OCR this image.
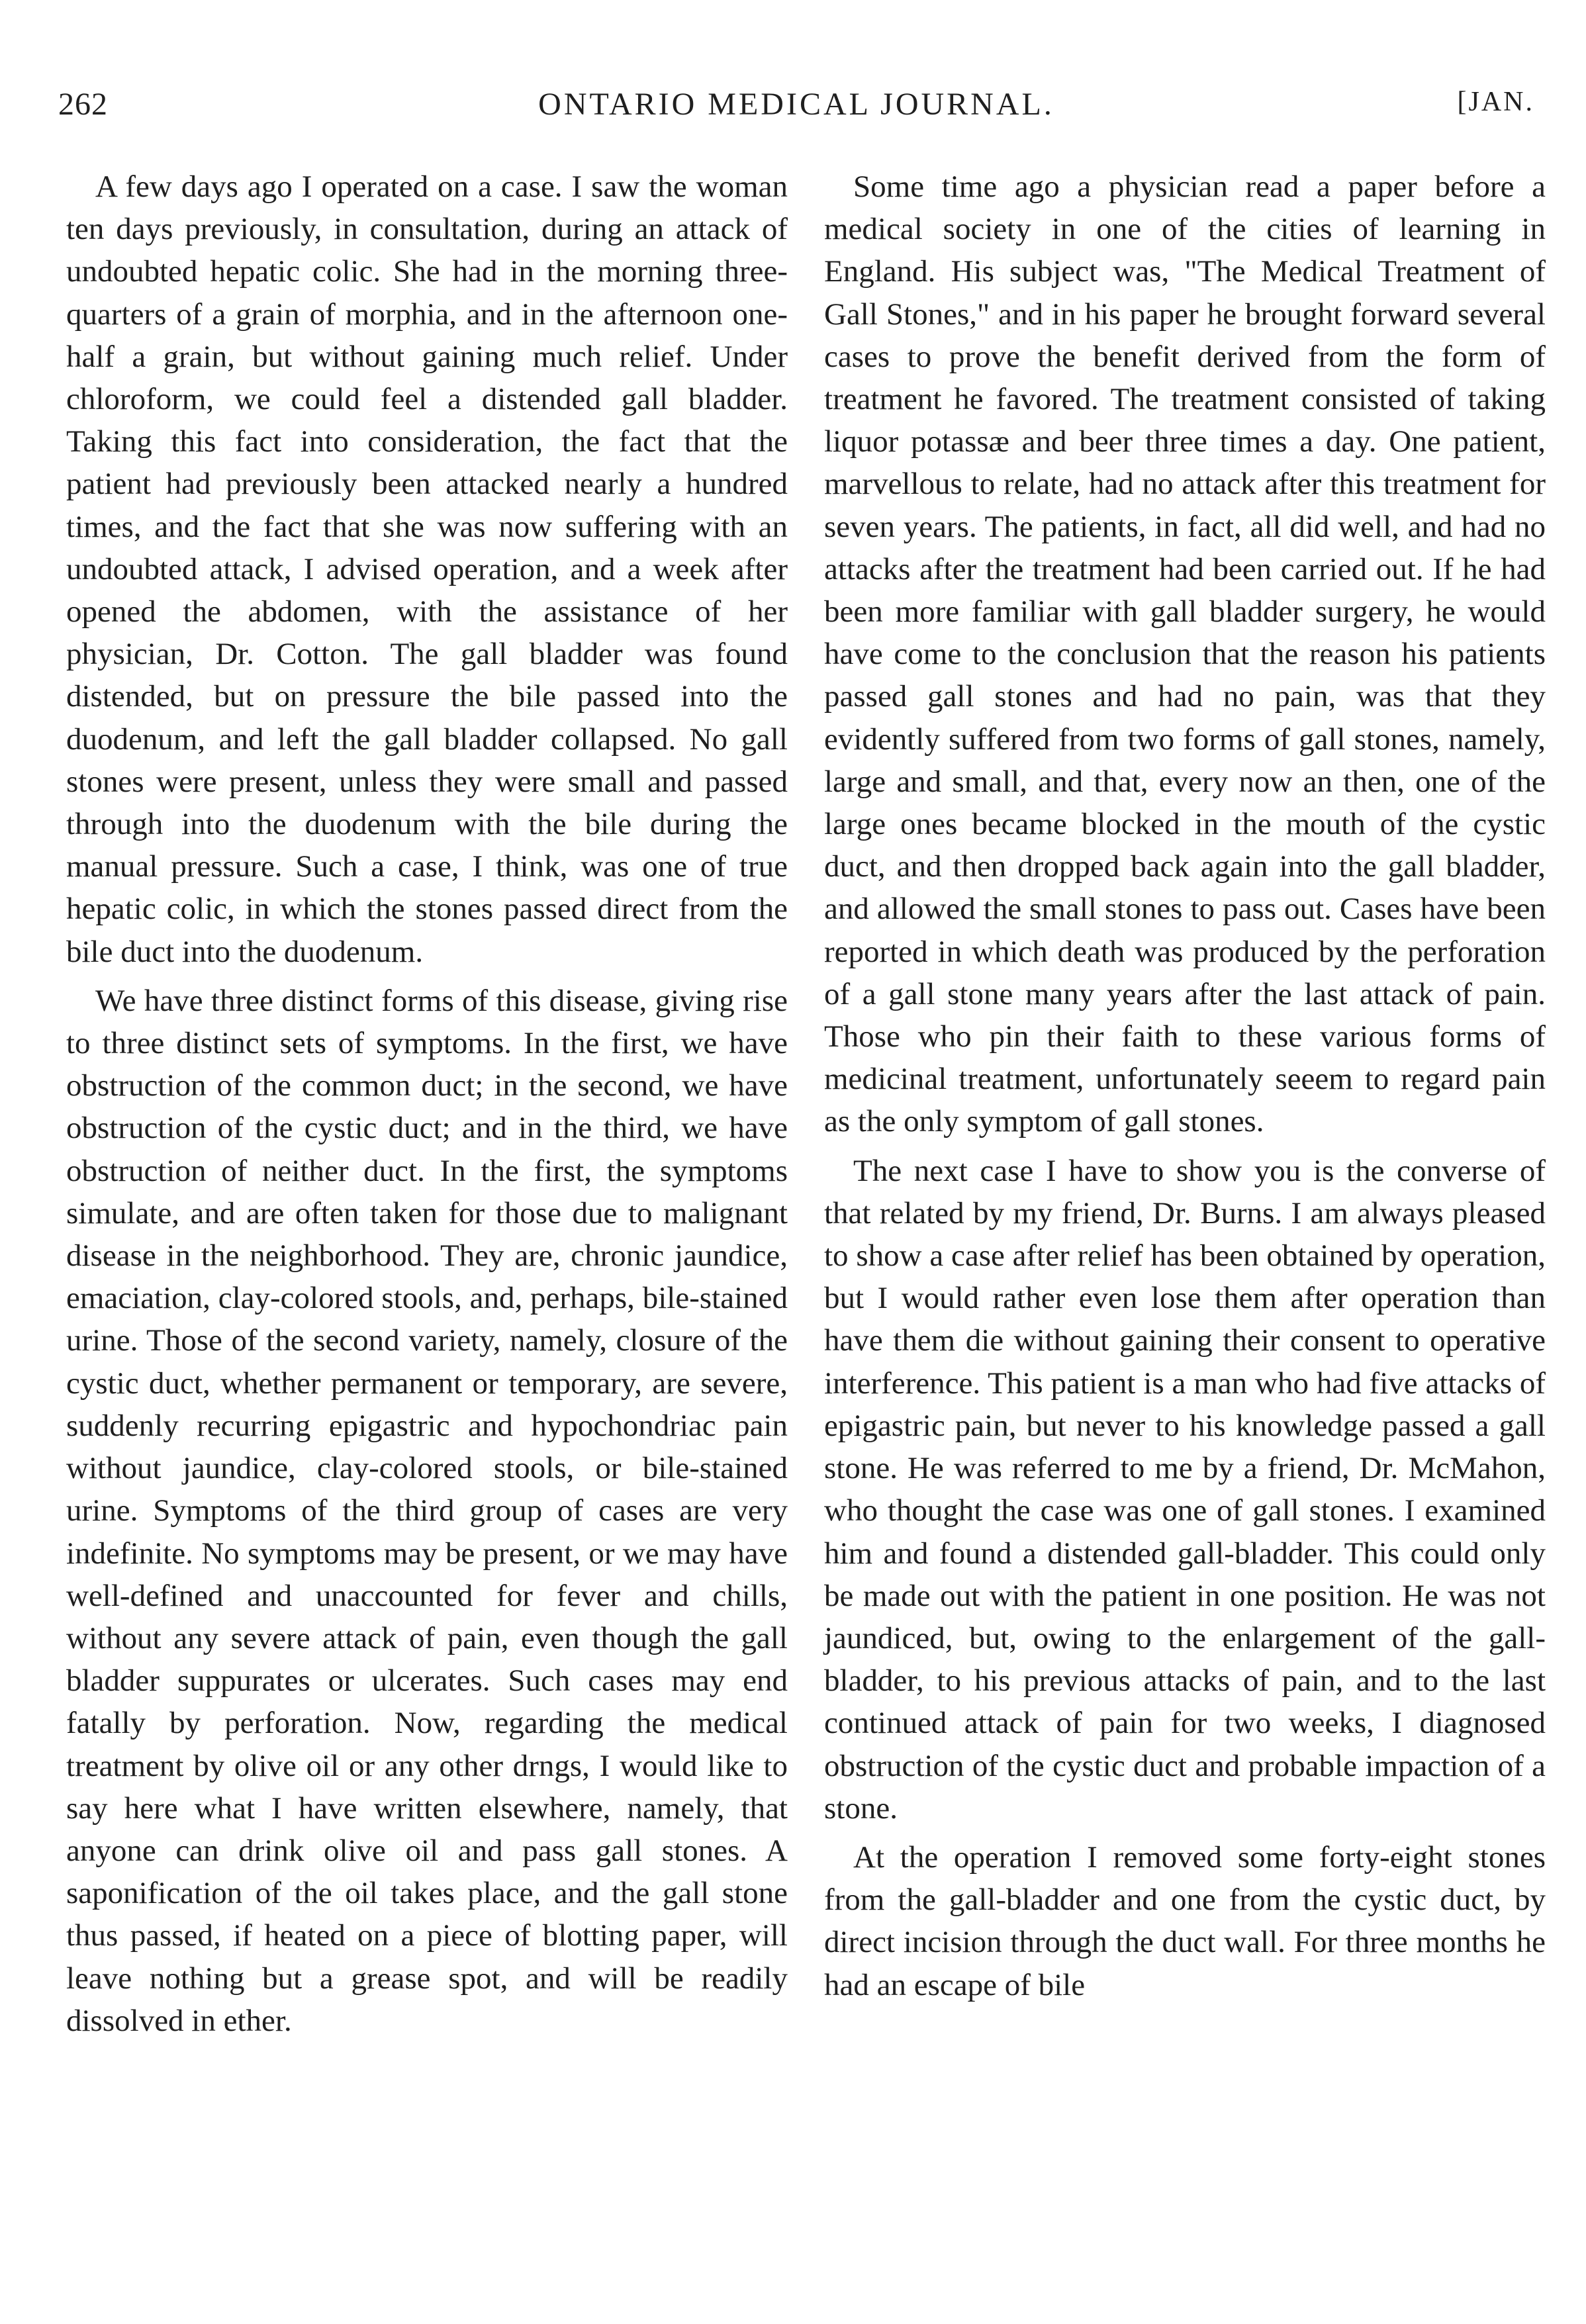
262	ONTARIO MEDICAL JOURNAL.	[JAN.

A few days ago I operated on a case. I saw the woman ten days previously, in consultation, during an attack of undoubted hepatic colic. She had in the morning three-quarters of a grain of morphia, and in the afternoon one-half a grain, but without gaining much relief. Under chloroform, we could feel a distended gall bladder. Taking this fact into consideration, the fact that the patient had previously been attacked nearly a hundred times, and the fact that she was now suffering with an undoubted attack, I advised operation, and a week after opened the abdomen, with the assistance of her physician, Dr. Cotton. The gall bladder was found distended, but on pressure the bile passed into the duodenum, and left the gall bladder collapsed. No gall stones were present, unless they were small and passed through into the duodenum with the bile during the manual pressure. Such a case, I think, was one of true hepatic colic, in which the stones passed direct from the bile duct into the duodenum.

We have three distinct forms of this disease, giving rise to three distinct sets of symptoms. In the first, we have obstruction of the common duct; in the second, we have obstruction of the cystic duct; and in the third, we have obstruction of neither duct. In the first, the symptoms simulate, and are often taken for those due to malignant disease in the neighborhood. They are, chronic jaundice, emaciation, clay-colored stools, and, perhaps, bile-stained urine. Those of the second variety, namely, closure of the cystic duct, whether permanent or temporary, are severe, suddenly recurring epigastric and hypochondriac pain without jaundice, clay-colored stools, or bile-stained urine. Symptoms of the third group of cases are very indefinite. No symptoms may be present, or we may have well-defined and unaccounted for fever and chills, without any severe attack of pain, even though the gall bladder suppurates or ulcerates. Such cases may end fatally by perforation. Now, regarding the medical treatment by olive oil or any other drngs, I would like to say here what I have written elsewhere, namely, that anyone can drink olive oil and pass gall stones. A saponification of the oil takes place, and the gall stone thus passed, if heated on a piece of blotting paper, will leave nothing but a grease spot, and will be readily dissolved in ether.

Some time ago a physician read a paper before a medical society in one of the cities of learning in England. His subject was, "The Medical Treatment of Gall Stones," and in his paper he brought forward several cases to prove the benefit derived from the form of treatment he favored. The treatment consisted of taking liquor potassæ and beer three times a day. One patient, marvellous to relate, had no attack after this treatment for seven years. The patients, in fact, all did well, and had no attacks after the treatment had been carried out. If he had been more familiar with gall bladder surgery, he would have come to the conclusion that the reason his patients passed gall stones and had no pain, was that they evidently suffered from two forms of gall stones, namely, large and small, and that, every now an then, one of the large ones became blocked in the mouth of the cystic duct, and then dropped back again into the gall bladder, and allowed the small stones to pass out. Cases have been reported in which death was produced by the perforation of a gall stone many years after the last attack of pain. Those who pin their faith to these various forms of medicinal treatment, unfortunately seeem to regard pain as the only symptom of gall stones.

The next case I have to show you is the converse of that related by my friend, Dr. Burns. I am always pleased to show a case after relief has been obtained by operation, but I would rather even lose them after operation than have them die without gaining their consent to operative interference. This patient is a man who had five attacks of epigastric pain, but never to his knowledge passed a gall stone. He was referred to me by a friend, Dr. McMahon, who thought the case was one of gall stones. I examined him and found a distended gall-bladder. This could only be made out with the patient in one position. He was not jaundiced, but, owing to the enlargement of the gall-bladder, to his previous attacks of pain, and to the last continued attack of pain for two weeks, I diagnosed obstruction of the cystic duct and probable impaction of a stone.

At the operation I removed some forty-eight stones from the gall-bladder and one from the cystic duct, by direct incision through the duct wall. For three months he had an escape of bile
